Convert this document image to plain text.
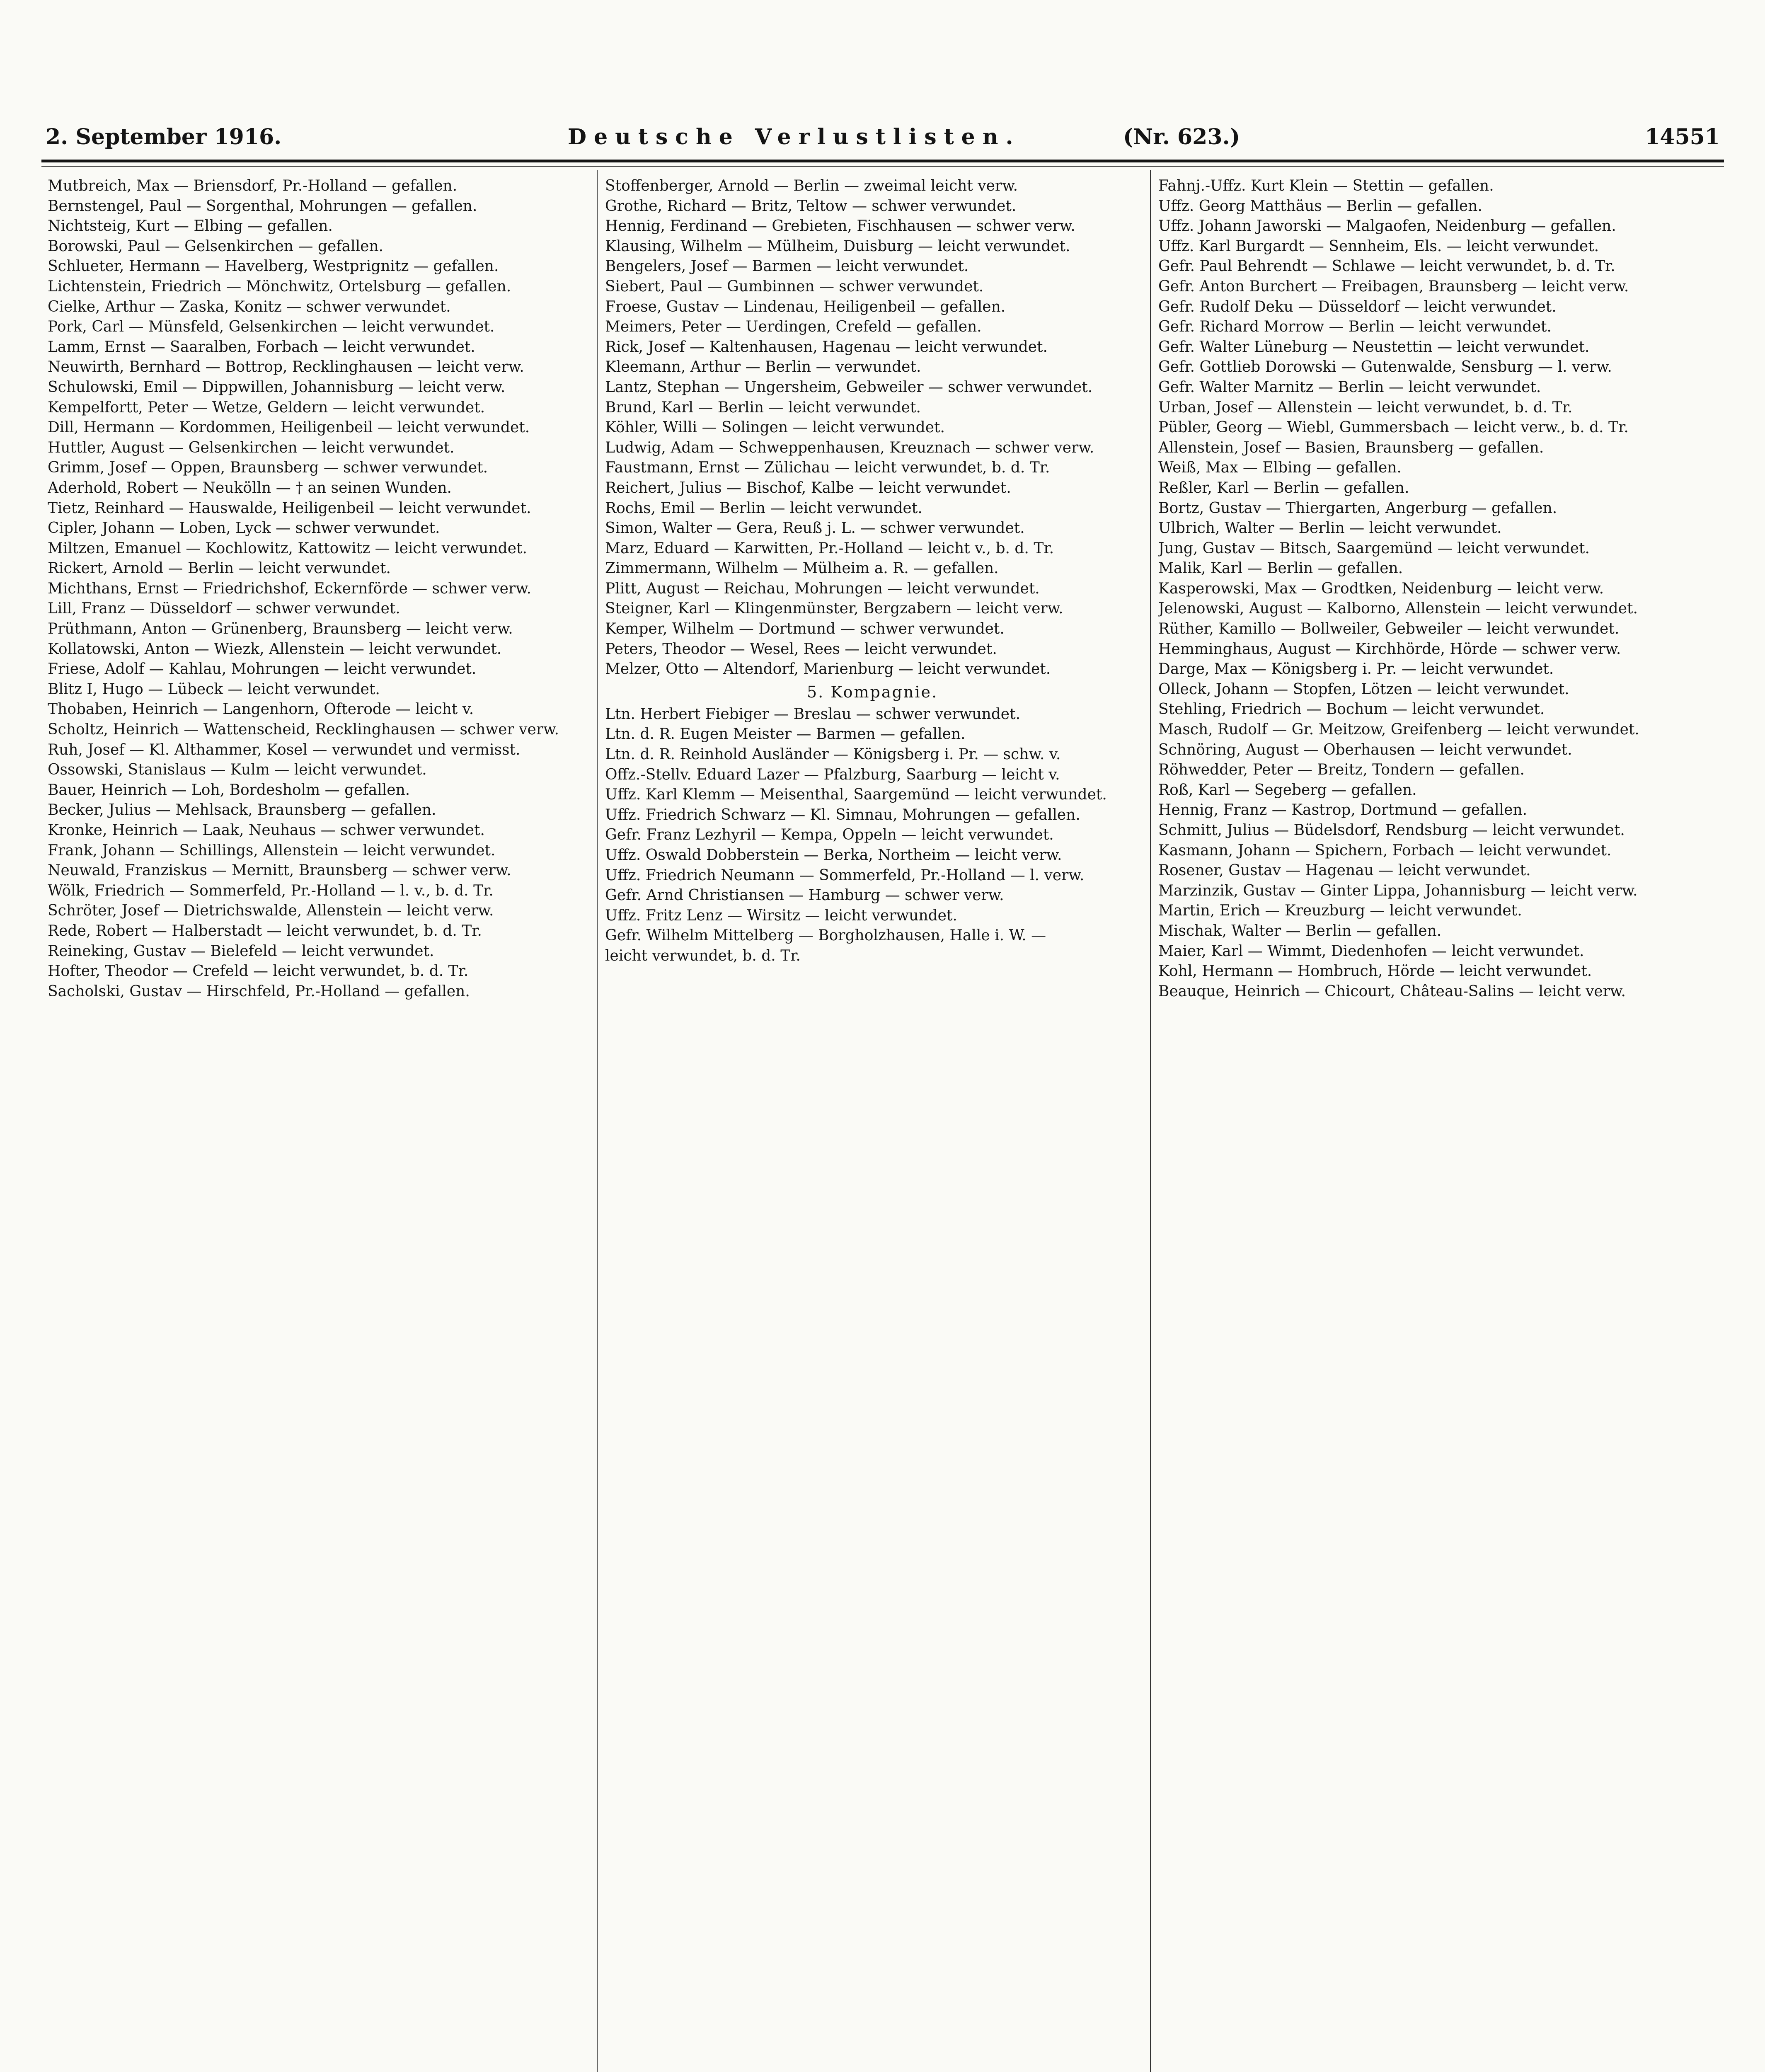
2. September 1916.	Deutsche Verlustlisten.	(Nr. 623.)	14551
Mutbreich, Max — Briensdorf, Pr.-Holland — gefallen.
Bernstengel, Paul — Sorgenthal, Mohrungen — gefallen.
Nichtsteig, Kurt — Elbing — gefallen.
Borowski, Paul — Gelsenkirchen — gefallen.
Schlueter, Hermann — Havelberg, Westprignitz — gefallen.
Lichtenstein, Friedrich — Mönchwitz, Ortelsburg — gefallen.
Cielke, Arthur — Zaska, Konitz — schwer verwundet.
Pork, Carl — Münsfeld, Gelsenkirchen — leicht verwundet.
Lamm, Ernst — Saaralben, Forbach — leicht verwundet.
Neuwirth, Bernhard — Bottrop, Recklinghausen — leicht verw.
Schulowski, Emil — Dippwillen, Johannisburg — leicht verw.
Kempelfortt, Peter — Wetze, Geldern — leicht verwundet.
Dill, Hermann — Kordommen, Heiligenbeil — leicht verwundet.
Huttler, August — Gelsenkirchen — leicht verwundet.
Grimm, Josef — Oppen, Braunsberg — schwer verwundet.
Aderhold, Robert — Neukölln — † an seinen Wunden.
Tietz, Reinhard — Hauswalde, Heiligenbeil — leicht verwundet.
Cipler, Johann — Loben, Lyck — schwer verwundet.
Miltzen, Emanuel — Kochlowitz, Kattowitz — leicht verwundet.
Rickert, Arnold — Berlin — leicht verwundet.
Michthans, Ernst — Friedrichshof, Eckernförde — schwer verw.
Lill, Franz — Düsseldorf — schwer verwundet.
Prüthmann, Anton — Grünenberg, Braunsberg — leicht verw.
Kollatowski, Anton — Wiezk, Allenstein — leicht verwundet.
Friese, Adolf — Kahlau, Mohrungen — leicht verwundet.
Blitz I, Hugo — Lübeck — leicht verwundet.
Thobaben, Heinrich — Langenhorn, Ofterode — leicht v.
Scholtz, Heinrich — Wattenscheid, Recklinghausen — schwer verw.
Ruh, Josef — Kl. Althammer, Kosel — verwundet und vermisst.
Ossowski, Stanislaus — Kulm — leicht verwundet.
Bauer, Heinrich — Loh, Bordesholm — gefallen.
Becker, Julius — Mehlsack, Braunsberg — gefallen.
Kronke, Heinrich — Laak, Neuhaus — schwer verwundet.
Frank, Johann — Schillings, Allenstein — leicht verwundet.
Neuwald, Franziskus — Mernitt, Braunsberg — schwer verw.
Wölk, Friedrich — Sommerfeld, Pr.-Holland — l. v., b. d. Tr.
Schröter, Josef — Dietrichswalde, Allenstein — leicht verw.
Rede, Robert — Halberstadt — leicht verwundet, b. d. Tr.
Reineking, Gustav — Bielefeld — leicht verwundet.
Hofter, Theodor — Crefeld — leicht verwundet, b. d. Tr.
Sacholski, Gustav — Hirschfeld, Pr.-Holland — gefallen.
Stoffenberger, Arnold — Berlin — zweimal leicht verw.
Grothe, Richard — Britz, Teltow — schwer verwundet.
Hennig, Ferdinand — Grebieten, Fischhausen — schwer verw.
Klausing, Wilhelm — Mülheim, Duisburg — leicht verwundet.
Bengelers, Josef — Barmen — leicht verwundet.
Siebert, Paul — Gumbinnen — schwer verwundet.
Froese, Gustav — Lindenau, Heiligenbeil — gefallen.
Meimers, Peter — Uerdingen, Crefeld — gefallen.
Rick, Josef — Kaltenhausen, Hagenau — leicht verwundet.
Kleemann, Arthur — Berlin — verwundet.
Lantz, Stephan — Ungersheim, Gebweiler — schwer verwundet.
Brund, Karl — Berlin — leicht verwundet.
Köhler, Willi — Solingen — leicht verwundet.
Ludwig, Adam — Schweppenhausen, Kreuznach — schwer verw.
Faustmann, Ernst — Zülichau — leicht verwundet, b. d. Tr.
Reichert, Julius — Bischof, Kalbe — leicht verwundet.
Rochs, Emil — Berlin — leicht verwundet.
Simon, Walter — Gera, Reuß j. L. — schwer verwundet.
Marz, Eduard — Karwitten, Pr.-Holland — leicht v., b. d. Tr.
Zimmermann, Wilhelm — Mülheim a. R. — gefallen.
Plitt, August — Reichau, Mohrungen — leicht verwundet.
Steigner, Karl — Klingenmünster, Bergzabern — leicht verw.
Kemper, Wilhelm — Dortmund — schwer verwundet.
Peters, Theodor — Wesel, Rees — leicht verwundet.
Melzer, Otto — Altendorf, Marienburg — leicht verwundet.
5. Kompagnie.
Ltn. Herbert Fiebiger — Breslau — schwer verwundet.
Ltn. d. R. Eugen Meister — Barmen — gefallen.
Ltn. d. R. Reinhold Ausländer — Königsberg i. Pr. — schw. v.
Offz.-Stellv. Eduard Lazer — Pfalzburg, Saarburg — leicht v.
Uffz. Karl Klemm — Meisenthal, Saargemünd — leicht verwundet.
Uffz. Friedrich Schwarz — Kl. Simnau, Mohrungen — gefallen.
Gefr. Franz Lezhyril — Kempa, Oppeln — leicht verwundet.
Uffz. Oswald Dobberstein — Berka, Northeim — leicht verw.
Uffz. Friedrich Neumann — Sommerfeld, Pr.-Holland — l. verw.
Gefr. Arnd Christiansen — Hamburg — schwer verw.
Uffz. Fritz Lenz — Wirsitz — leicht verwundet.
Gefr. Wilhelm Mittelberg — Borgholzhausen, Halle i. W. —
leicht verwundet, b. d. Tr.
Fahnj.-Uffz. Kurt Klein — Stettin — gefallen.
Uffz. Georg Matthäus — Berlin — gefallen.
Uffz. Johann Jaworski — Malgaofen, Neidenburg — gefallen.
Uffz. Karl Burgardt — Sennheim, Els. — leicht verwundet.
Gefr. Paul Behrendt — Schlawe — leicht verwundet, b. d. Tr.
Gefr. Anton Burchert — Freibagen, Braunsberg — leicht verw.
Gefr. Rudolf Deku — Düsseldorf — leicht verwundet.
Gefr. Richard Morrow — Berlin — leicht verwundet.
Gefr. Walter Lüneburg — Neustettin — leicht verwundet.
Gefr. Gottlieb Dorowski — Gutenwalde, Sensburg — l. verw.
Gefr. Walter Marnitz — Berlin — leicht verwundet.
Urban, Josef — Allenstein — leicht verwundet, b. d. Tr.
Pübler, Georg — Wiebl, Gummersbach — leicht verw., b. d. Tr.
Allenstein, Josef — Basien, Braunsberg — gefallen.
Weiß, Max — Elbing — gefallen.
Reßler, Karl — Berlin — gefallen.
Bortz, Gustav — Thiergarten, Angerburg — gefallen.
Ulbrich, Walter — Berlin — leicht verwundet.
Jung, Gustav — Bitsch, Saargemünd — leicht verwundet.
Malik, Karl — Berlin — gefallen.
Kasperowski, Max — Grodtken, Neidenburg — leicht verw.
Jelenowski, August — Kalborno, Allenstein — leicht verwundet.
Rüther, Kamillo — Bollweiler, Gebweiler — leicht verwundet.
Hemminghaus, August — Kirchhörde, Hörde — schwer verw.
Darge, Max — Königsberg i. Pr. — leicht verwundet.
Olleck, Johann — Stopfen, Lötzen — leicht verwundet.
Stehling, Friedrich — Bochum — leicht verwundet.
Masch, Rudolf — Gr. Meitzow, Greifenberg — leicht verwundet.
Schnöring, August — Oberhausen — leicht verwundet.
Röhwedder, Peter — Breitz, Tondern — gefallen.
Roß, Karl — Segeberg — gefallen.
Hennig, Franz — Kastrop, Dortmund — gefallen.
Schmitt, Julius — Büdelsdorf, Rendsburg — leicht verwundet.
Kasmann, Johann — Spichern, Forbach — leicht verwundet.
Rosener, Gustav — Hagenau — leicht verwundet.
Marzinzik, Gustav — Ginter Lippa, Johannisburg — leicht verw.
Martin, Erich — Kreuzburg — leicht verwundet.
Mischak, Walter — Berlin — gefallen.
Maier, Karl — Wimmt, Diedenhofen — leicht verwundet.
Kohl, Hermann — Hombruch, Hörde — leicht verwundet.
Beauque, Heinrich — Chicourt, Château-Salins — leicht verw.
